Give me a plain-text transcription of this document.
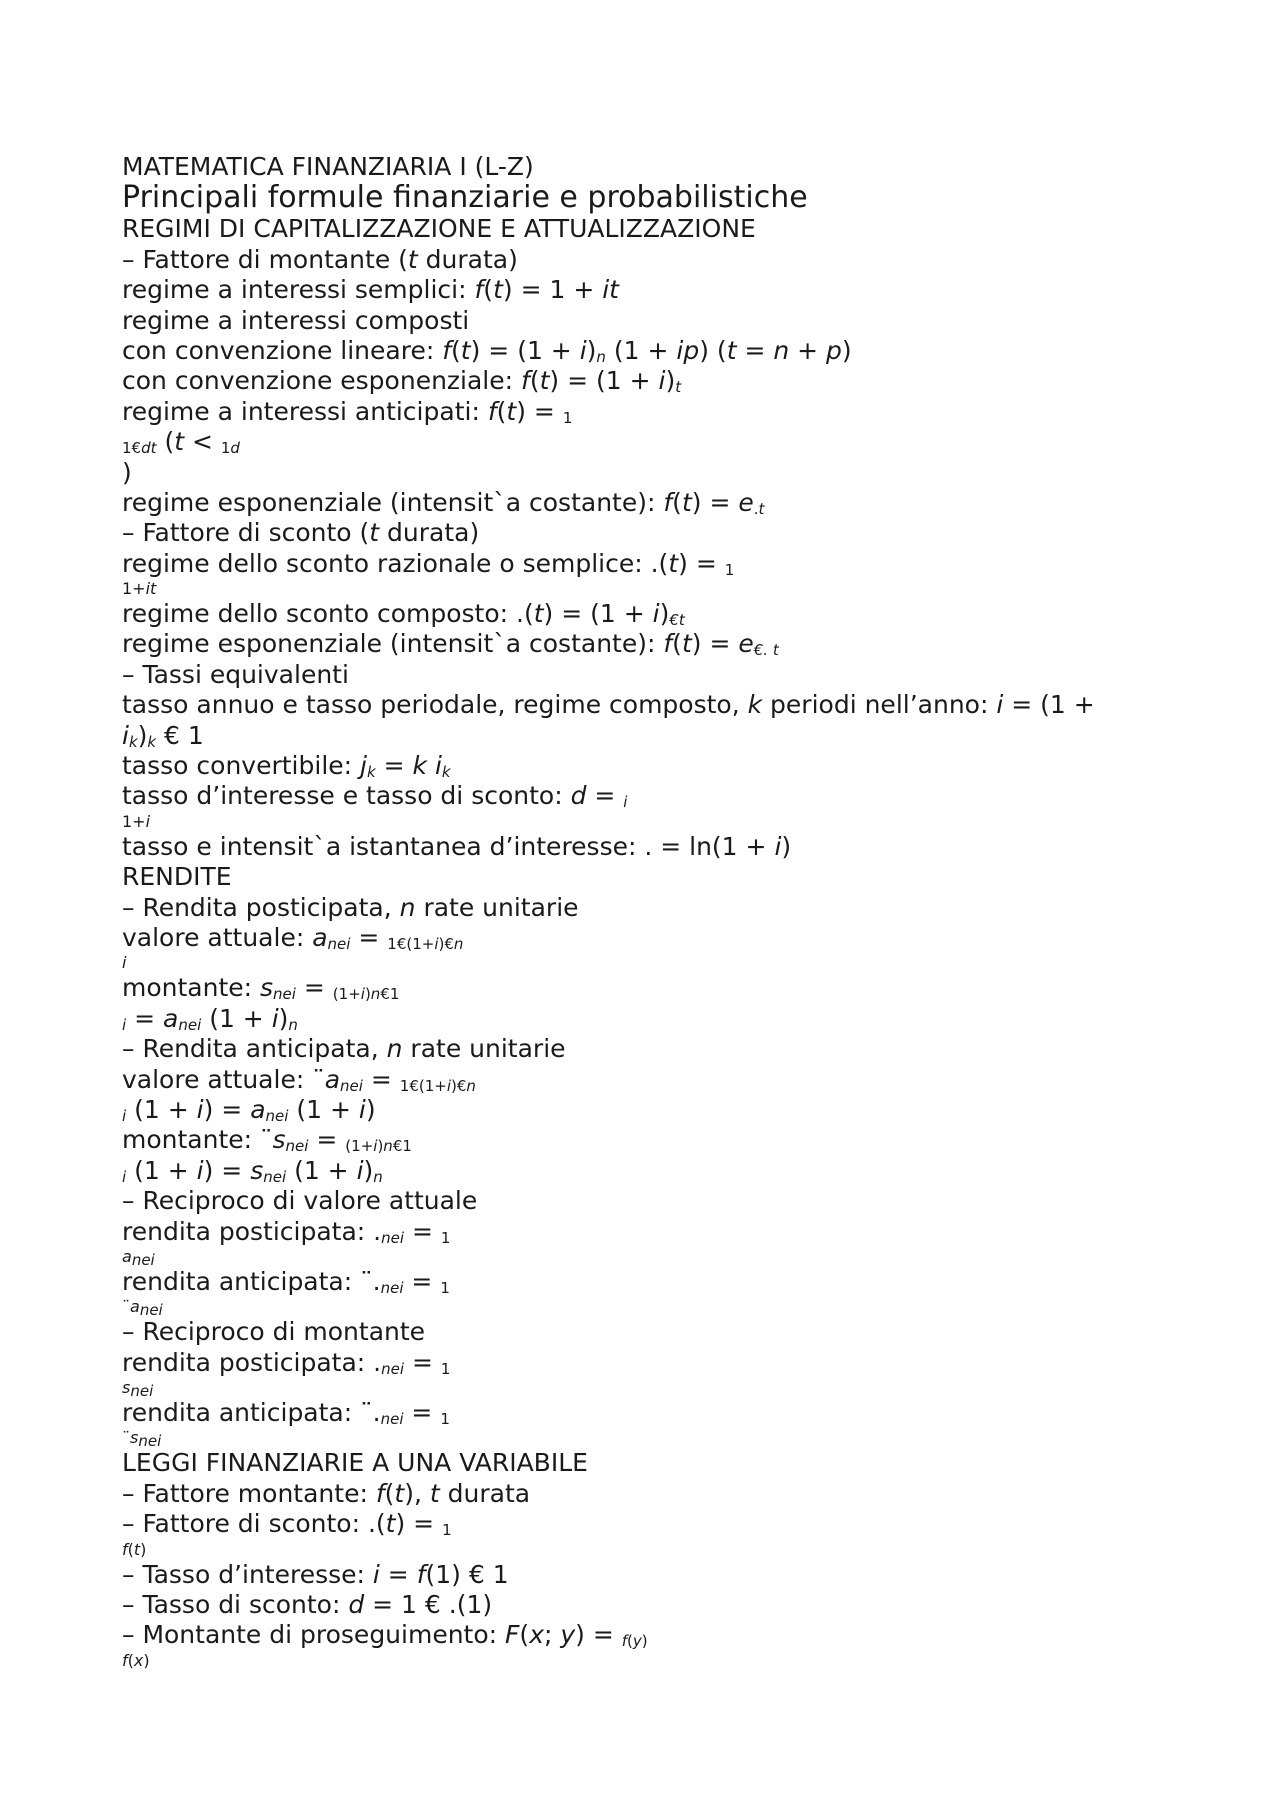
MATEMATICA FINANZIARIA I (L-Z)
Principali formule finanziarie e probabilistiche
REGIMI DI CAPITALIZZAZIONE E ATTUALIZZAZIONE
– Fattore di montante (t durata)
regime a interessi semplici: f(t) = 1 + it
regime a interessi composti
con convenzione lineare: $f(t) = (1 + i)_n$ (1 + ip) (t = n + p)
con convenzione esponenziale: $f(t) = (1 + i)_t$
regime a interessi anticipati: f(t) = $_1$
$_{1€dt}$ (t < $_{1d}$
)
regime esponenziale (intensit`a costante): $f(t) = e_{.t}$
– Fattore di sconto (t durata)
regime dello sconto razionale o semplice: .(t) = $_1$
1+it
regime dello sconto composto: $.(t) = (1 + i)_{€t}$
regime esponenziale (intensit`a costante): $f(t) = e_{€. t}$
– Tassi equivalenti
tasso annuo e tasso periodale, regime composto, k periodi nell’anno: i = (1 +
$i_k)_k$ € 1
tasso convertibile: $j_k = k$ $i_k$
tasso d’interesse e tasso di sconto: d = $_i$
1+i
tasso e intensit`a istantanea d’interesse: . = ln(1 + i)
RENDITE
– Rendita posticipata, n rate unitarie
valore attuale: $a_{nei} = _{1€(1+i)€n}$
i
montante: $s_{nei} = _{(1+i)n€1}$
$_i = a_{nei}$ $(1 + i)_n$
– Rendita anticipata, n rate unitarie
valore attuale: $¨a_{nei} = _{1€(1+i)€n}$
$_i$ $(1 + i) = a_{nei}$ (1 + i)
montante: $¨s_{nei} = _{(1+i)n€1}$
$_i$ $(1 + i) = s_{nei}$ $(1 + i)_n$
– Reciproco di valore attuale
rendita posticipata: $._{nei} = _1$
anei
rendita anticipata: $¨._{nei} = _1$
¨anei
– Reciproco di montante
rendita posticipata: $._{nei} = _1$
snei
rendita anticipata: $¨._{nei} = _1$
¨snei
LEGGI FINANZIARIE A UNA VARIABILE
– Fattore montante: f(t), t durata
– Fattore di sconto: .(t) = $_1$
f(t)
– Tasso d’interesse: i = f(1) € 1
– Tasso di sconto: d = 1 € .(1)
– Montante di proseguimento: F(x; y) = $_{f(y)}$
f(x)
